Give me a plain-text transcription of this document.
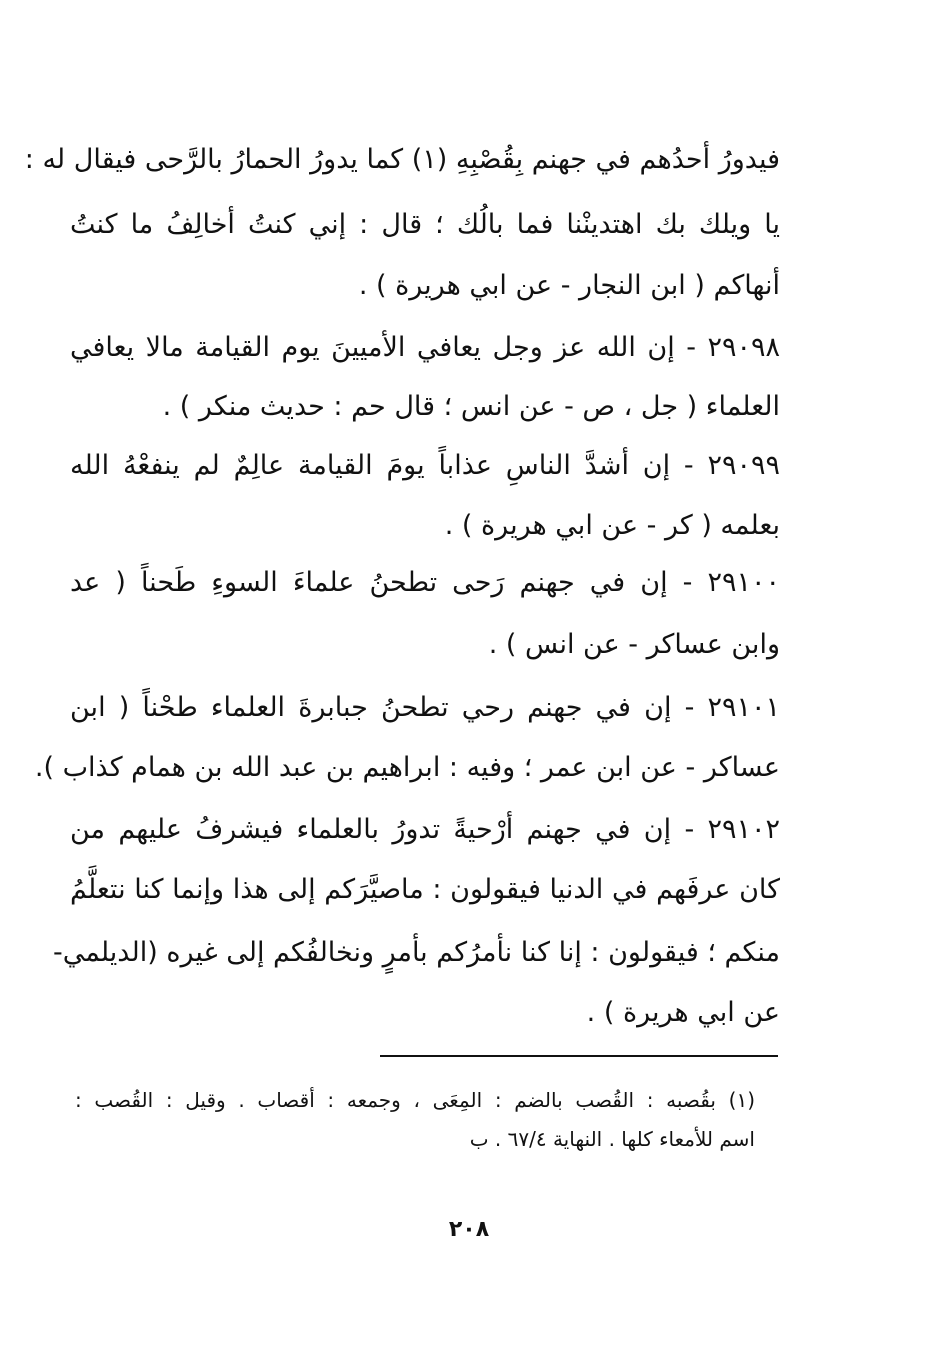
فيدورُ أحدُهم في جهنم بِقُصْبِهِ (١) كما يدورُ الحمارُ بالرَّحى فيقال له :
يا ويلك بك اهتدينْنا فما بالُك ؛ قال : إني كنتُ أخالِفُ ما كنتُ
أنهاكم ( ابن النجار - عن ابي هريرة ) .
٢٩٠٩٨ - إن الله عز وجل يعافي الأميينَ يوم القيامة مالا يعافي
العلماء ( جل ، ص - عن انس ؛ قال حم : حديث منكر ) .
٢٩٠٩٩ - إن أشدَّ الناسِ عذاباً يومَ القيامة عالِمٌ لم ينفعْهُ الله
بعلمه ( كر - عن ابي هريرة ) .
٢٩١٠٠ - إن في جهنم رَحى تطحنُ علماءَ السوءِ طَحناً ( عد
وابن عساكر - عن انس ) .
٢٩١٠١ - إن في جهنم رحي تطحنُ جبابرةَ العلماء طحْناً ( ابن
عساكر - عن ابن عمر ؛ وفيه : ابراهيم بن عبد الله بن همام كذاب ).
٢٩١٠٢ - إن في جهنم أرْحيةً تدورُ بالعلماء فيشرفُ عليهم من
كان عرفَهم في الدنيا فيقولون : ماصيَّرَكم إلى هذا وإنما كنا نتعلَّمُ
منكم ؛ فيقولون : إنا كنا نأمرُكم بأمرٍ ونخالفُكم إلى غيره (الديلمي-
عن ابي هريرة ) .
(١) بقُصبه : القُصب بالضم : المِعَى ، وجمعه : أقصاب . وقيل : القُصب :
اسم للأمعاء كلها . النهاية ٦٧/٤ . ب
٢٠٨
